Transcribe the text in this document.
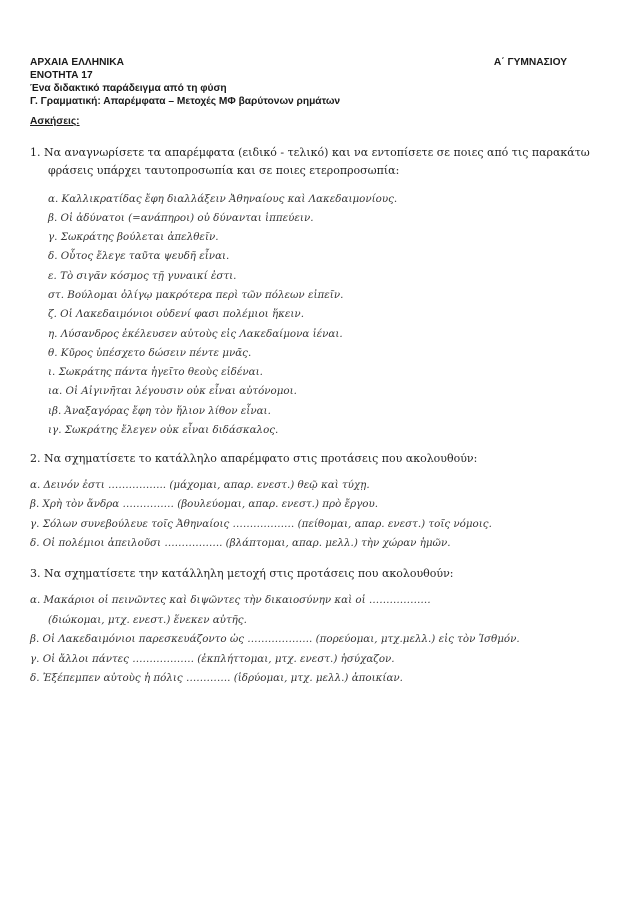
ΑΡΧΑΙΑ ΕΛΛΗΝΙΚΑ	Α΄ ΓΥΜΝΑΣΙΟΥ
ΕΝΟΤΗΤΑ 17
Ένα διδακτικό παράδειγμα από τη φύση
Γ. Γραμματική: Απαρέμφατα – Μετοχές ΜΦ βαρύτονων ρημάτων
Ασκήσεις:
1. Να αναγνωρίσετε τα απαρέμφατα (ειδικό - τελικό) και να εντοπίσετε σε ποιες από τις παρακάτω
φράσεις υπάρχει ταυτοπροσωπία και σε ποιες ετεροπροσωπία:
α. Καλλικρατίδας ἔφη διαλλάξειν Ἀθηναίους καὶ Λακεδαιμονίους.
β. Οἱ ἀδύνατοι (=ανάπηροι) οὐ δύνανται ἱππεύειν.
γ. Σωκράτης βούλεται ἀπελθεῖν.
δ. Οὗτος ἔλεγε ταῦτα ψευδῆ εἶναι.
ε. Τὸ σιγᾶν κόσμος τῇ γυναικί ἐστι.
στ. Βούλομαι ὀλίγῳ μακρότερα περὶ τῶν πόλεων εἰπεῖν.
ζ. Οἱ Λακεδαιμόνιοι οὐδενί φασι πολέμιοι ἥκειν.
η. Λύσανδρος ἐκέλευσεν αὐτοὺς εἰς Λακεδαίμονα ἰέναι.
θ. Κῦρος ὑπέσχετο δώσειν πέντε μνᾶς.
ι. Σωκράτης πάντα ἡγεῖτο θεοὺς εἰδέναι.
ια. Οἱ Αἰγινῆται λέγουσιν οὐκ εἶναι αὐτόνομοι.
ιβ. Ἀναξαγόρας ἔφη τὸν ἥλιον λίθον εἶναι.
ιγ. Σωκράτης ἔλεγεν οὐκ εἶναι διδάσκαλος.
2. Να σχηματίσετε το κατάλληλο απαρέμφατο στις προτάσεις που ακολουθούν:
α. Δεινόν ἐστι …………….. (μάχομαι, απαρ. ενεστ.) θεῷ καὶ τύχῃ.
β. Χρὴ τὸν ἄνδρα …………… (βουλεύομαι, απαρ. ενεστ.) πρὸ ἔργου.
γ. Σόλων συνεβούλευε τοῖς Ἀθηναίοις ……………… (πείθομαι, απαρ. ενεστ.) τοῖς νόμοις.
δ. Οἱ πολέμιοι ἀπειλοῦσι …………….. (βλάπτομαι, απαρ. μελλ.) τὴν χώραν ἡμῶν.
3. Να σχηματίσετε την κατάλληλη μετοχή στις προτάσεις που ακολουθούν:
α. Μακάριοι οἱ πεινῶντες καὶ διψῶντες τὴν δικαιοσύνην καὶ οἱ ………………
(διώκομαι, μτχ. ενεστ.) ἕνεκεν αὐτῆς.
β. Οἱ Λακεδαιμόνιοι παρεσκευάζοντο ὡς ………………. (πορεύομαι, μτχ.μελλ.) εἰς τὸν Ἰσθμόν.
γ. Οἱ ἄλλοι πάντες ……………… (ἐκπλήττομαι, μτχ. ενεστ.) ἡσύχαζον.
δ. Ἐξέπεμπεν αὐτοὺς ἡ πόλις …………. (ἱδρύομαι, μτχ. μελλ.) ἀποικίαν.
